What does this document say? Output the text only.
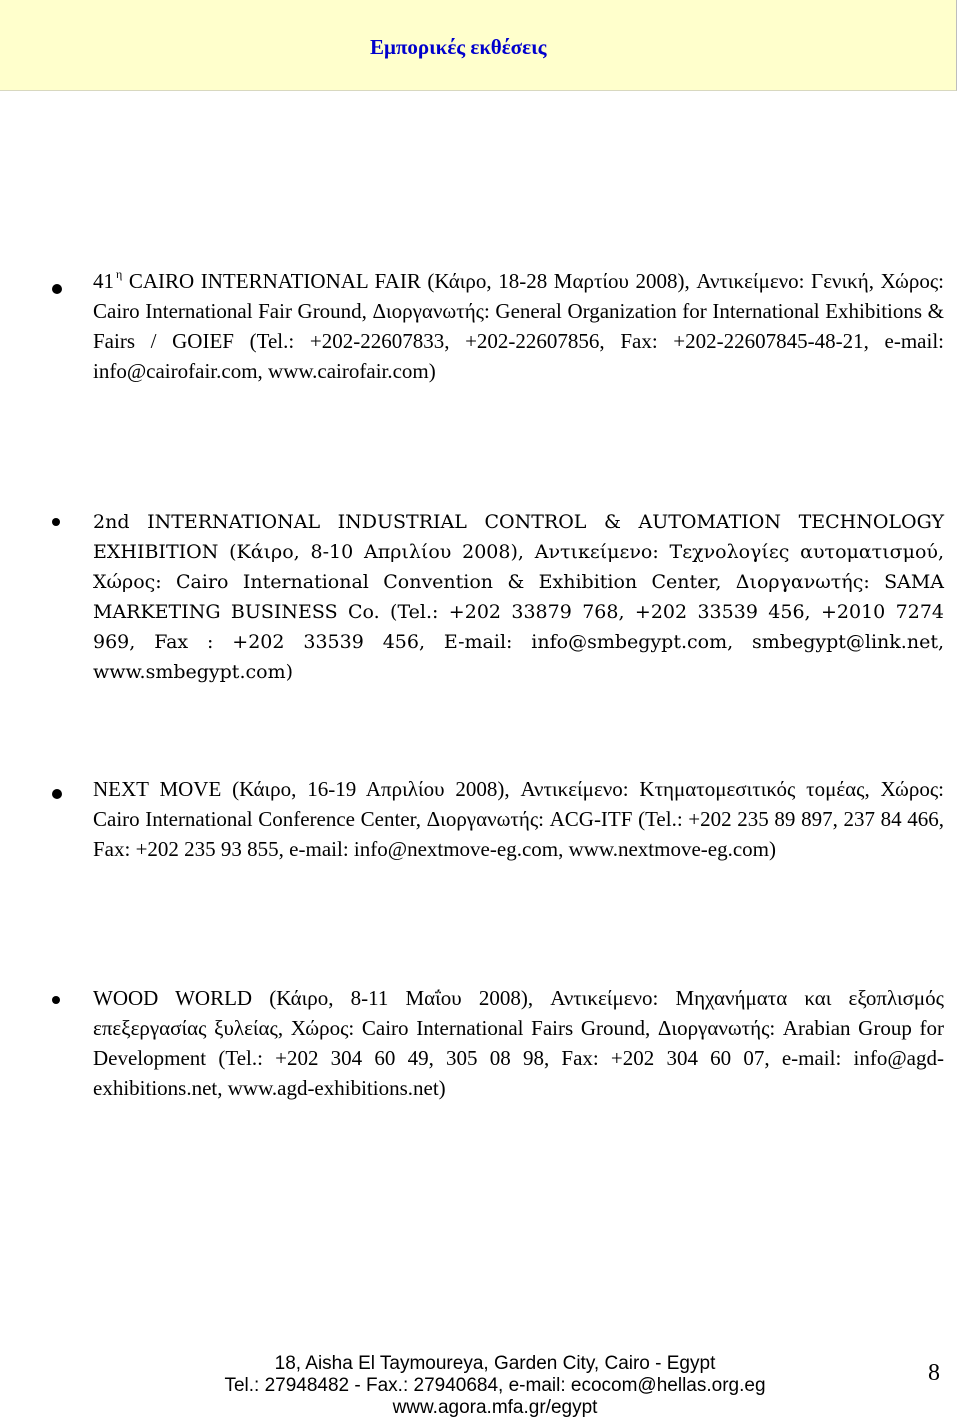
Εμπορικές εκθέσεις

41 $^\eta$ CAIRO INTERNATIONAL FAIR (Κάιρο, 18-28 Μαρτίου 2008), Αντικείμενο: Γενική, Χώρος: Cairo International Fair Ground, Διοργανωτής: General Organization for International Exhibitions & Fairs / GOIEF (Tel.: +202-22607833, +202-22607856, Fax: +202-22607845-48-21, e-mail: info@cairofair.com, www.cairofair.com)

2nd INTERNATIONAL INDUSTRIAL CONTROL & AUTOMATION TECHNOLOGY EXHIBITION (Κάιρο, 8-10 Απριλίου 2008), Αντικείμενο: Τεχνολογίες αυτοματισμού, Χώρος: Cairo International Convention & Exhibition Center, Διοργανωτής: SAMA MARKETING BUSINESS Co. (Tel.: +202 33879 768, +202 33539 456, +2010 7274 969, Fax : +202 33539 456, E-mail: info@smbegypt.com, smbegypt@link.net, www.smbegypt.com)

NEXT MOVE (Κάιρο, 16-19 Απριλίου 2008), Αντικείμενο: Κτηματομεσιτικός τομέας, Χώρος: Cairo International Conference Center, Διοργανωτής: ACG-ITF (Tel.: +202 235 89 897, 237 84 466, Fax: +202 235 93 855, e-mail: info@nextmove-eg.com, www.nextmove-eg.com)

WOOD WORLD (Κάιρο, 8-11 Μαΐου 2008), Αντικείμενο: Μηχανήματα και εξοπλισμός επεξεργασίας ξυλείας, Χώρος: Cairo International Fairs Ground, Διοργανωτής: Arabian Group for Development (Tel.: +202 304 60 49, 305 08 98, Fax: +202 304 60 07, e-mail: info@agd-exhibitions.net, www.agd-exhibitions.net)

18, Aisha El Taymoureya, Garden City, Cairo - Egypt
Tel.: 27948482 - Fax.: 27940684, e-mail: ecocom@hellas.org.eg
www.agora.mfa.gr/egypt
8
